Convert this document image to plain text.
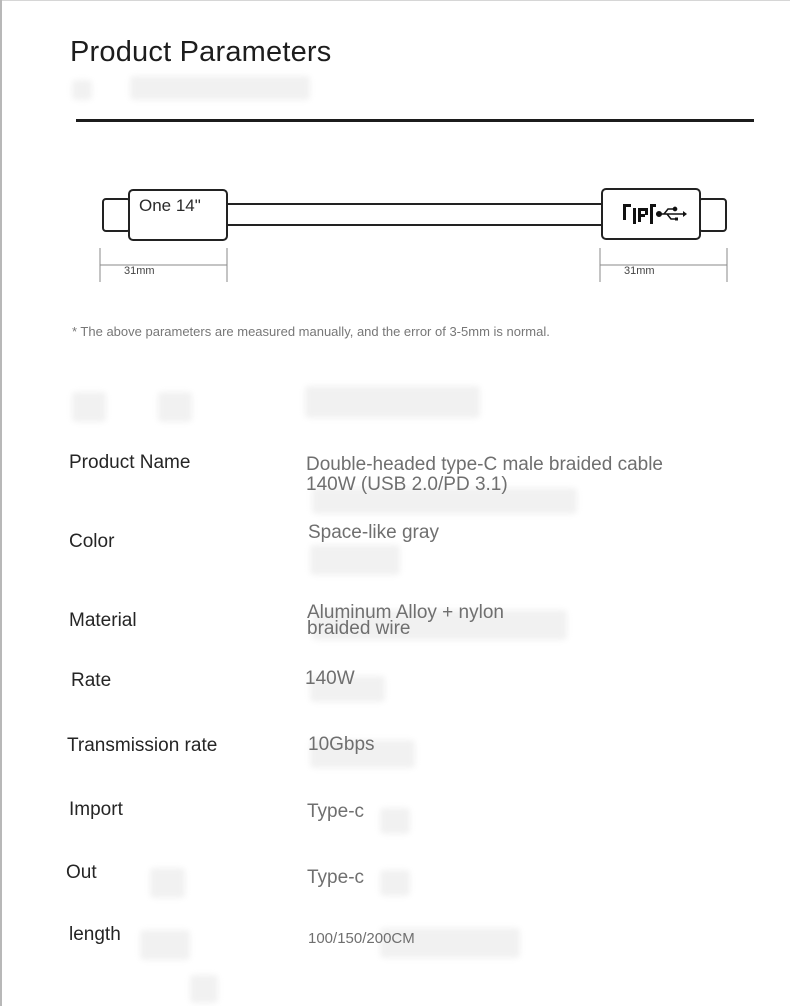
Product Parameters
One 14"
31mm	31mm
* The above parameters are measured manually, and the error of 3-5mm is normal.
Product Name	Double-headed type-C male braided cable
140W (USB 2.0/PD 3.1)
Color	Space-like gray
Material	Aluminum Alloy + nylon
braided wire
Rate	140W
Transmission rate	10Gbps
Import	Type-c
Out	Type-c
length	100/150/200CM
